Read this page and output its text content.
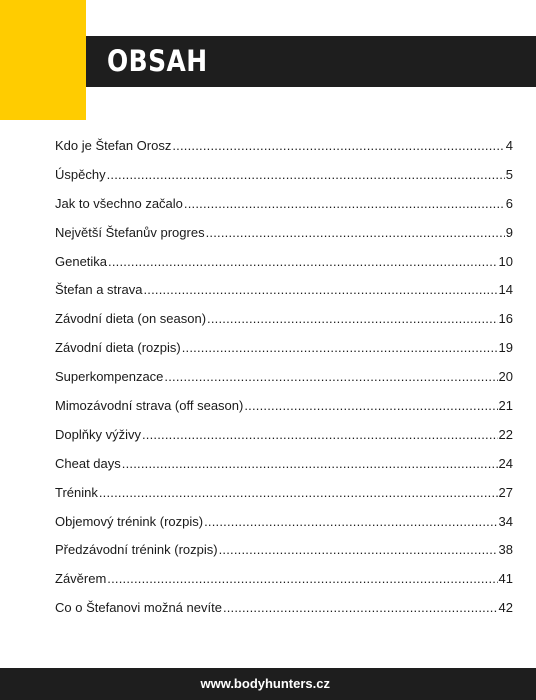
OBSAH
Kdo je Štefan Orosz .....	4
Úspěchy .....	5
Jak to všechno začalo .....	6
Největší Štefanův progres .....	9
Genetika .....	10
Štefan a strava .....	14
Závodní dieta (on season) .....	16
Závodní dieta (rozpis) .....	19
Superkompenzace .....	20
Mimozávodní strava (off season) .....	21
Doplňky výživy .....	22
Cheat days .....	24
Trénink .....	27
Objemový trénink (rozpis) .....	34
Předzávodní trénink (rozpis) .....	38
Závěrem .....	41
Co o Štefanovi možná nevíte .....	42
www.bodyhunters.cz
